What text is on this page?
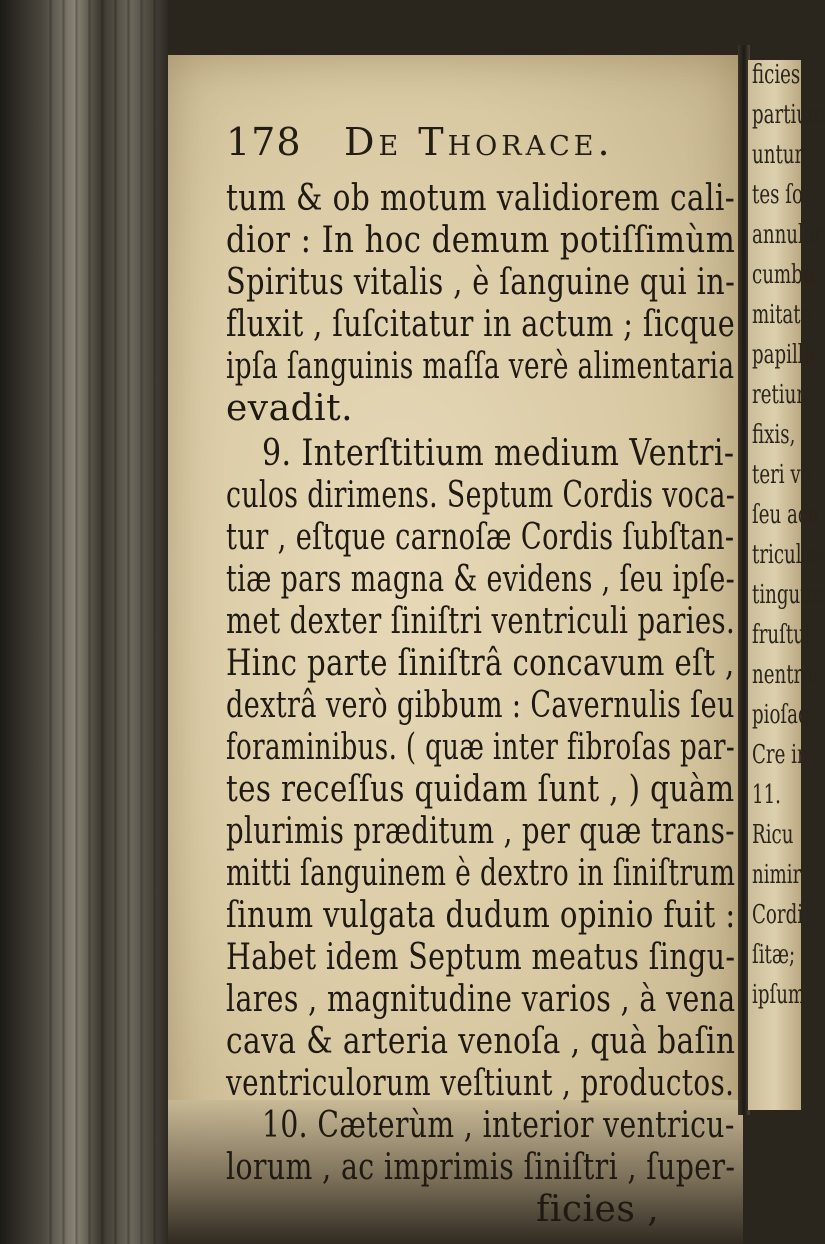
ficies,
partium
untur,
tes ſor
annular
cumbu
mitate
papilla
retium
fixis,
teri ve
ſeu acu
triculos
tinguun
fruſtul
nentrel
pioſaq
Cre in
11.
Ricu
nimir
Cordi
ſitæ;
ipſum
178 De Thorace.
tum & ob motum validiorem cali-
dior : In hoc demum potiſſimùm
Spiritus vitalis , è ſanguine qui in-
fluxit , ſuſcitatur in actum ; ſicque
ipſa ſanguinis maſſa verè alimentaria
evadit.
9. Interſtitium medium Ventri-
culos dirimens. Septum Cordis voca-
tur , eſtque carnoſæ Cordis ſubſtan-
tiæ pars magna & evidens , ſeu ipſe-
met dexter ſiniſtri ventriculi paries.
Hinc parte ſiniſtrâ concavum eſt ,
dextrâ verò gibbum : Cavernulis ſeu
foraminibus. ( quæ inter fibroſas par-
tes receſſus quidam ſunt , ) quàm
plurimis præditum , per quæ trans-
mitti ſanguinem è dextro in ſiniſtrum
ſinum vulgata dudum opinio fuit :
Habet idem Septum meatus ſingu-
lares , magnitudine varios , à vena
cava & arteria venoſa , quà baſin
ventriculorum veſtiunt , productos.
10. Cæterùm , interior ventricu-
lorum , ac imprimis ſiniſtri , ſuper-
ficies ,
